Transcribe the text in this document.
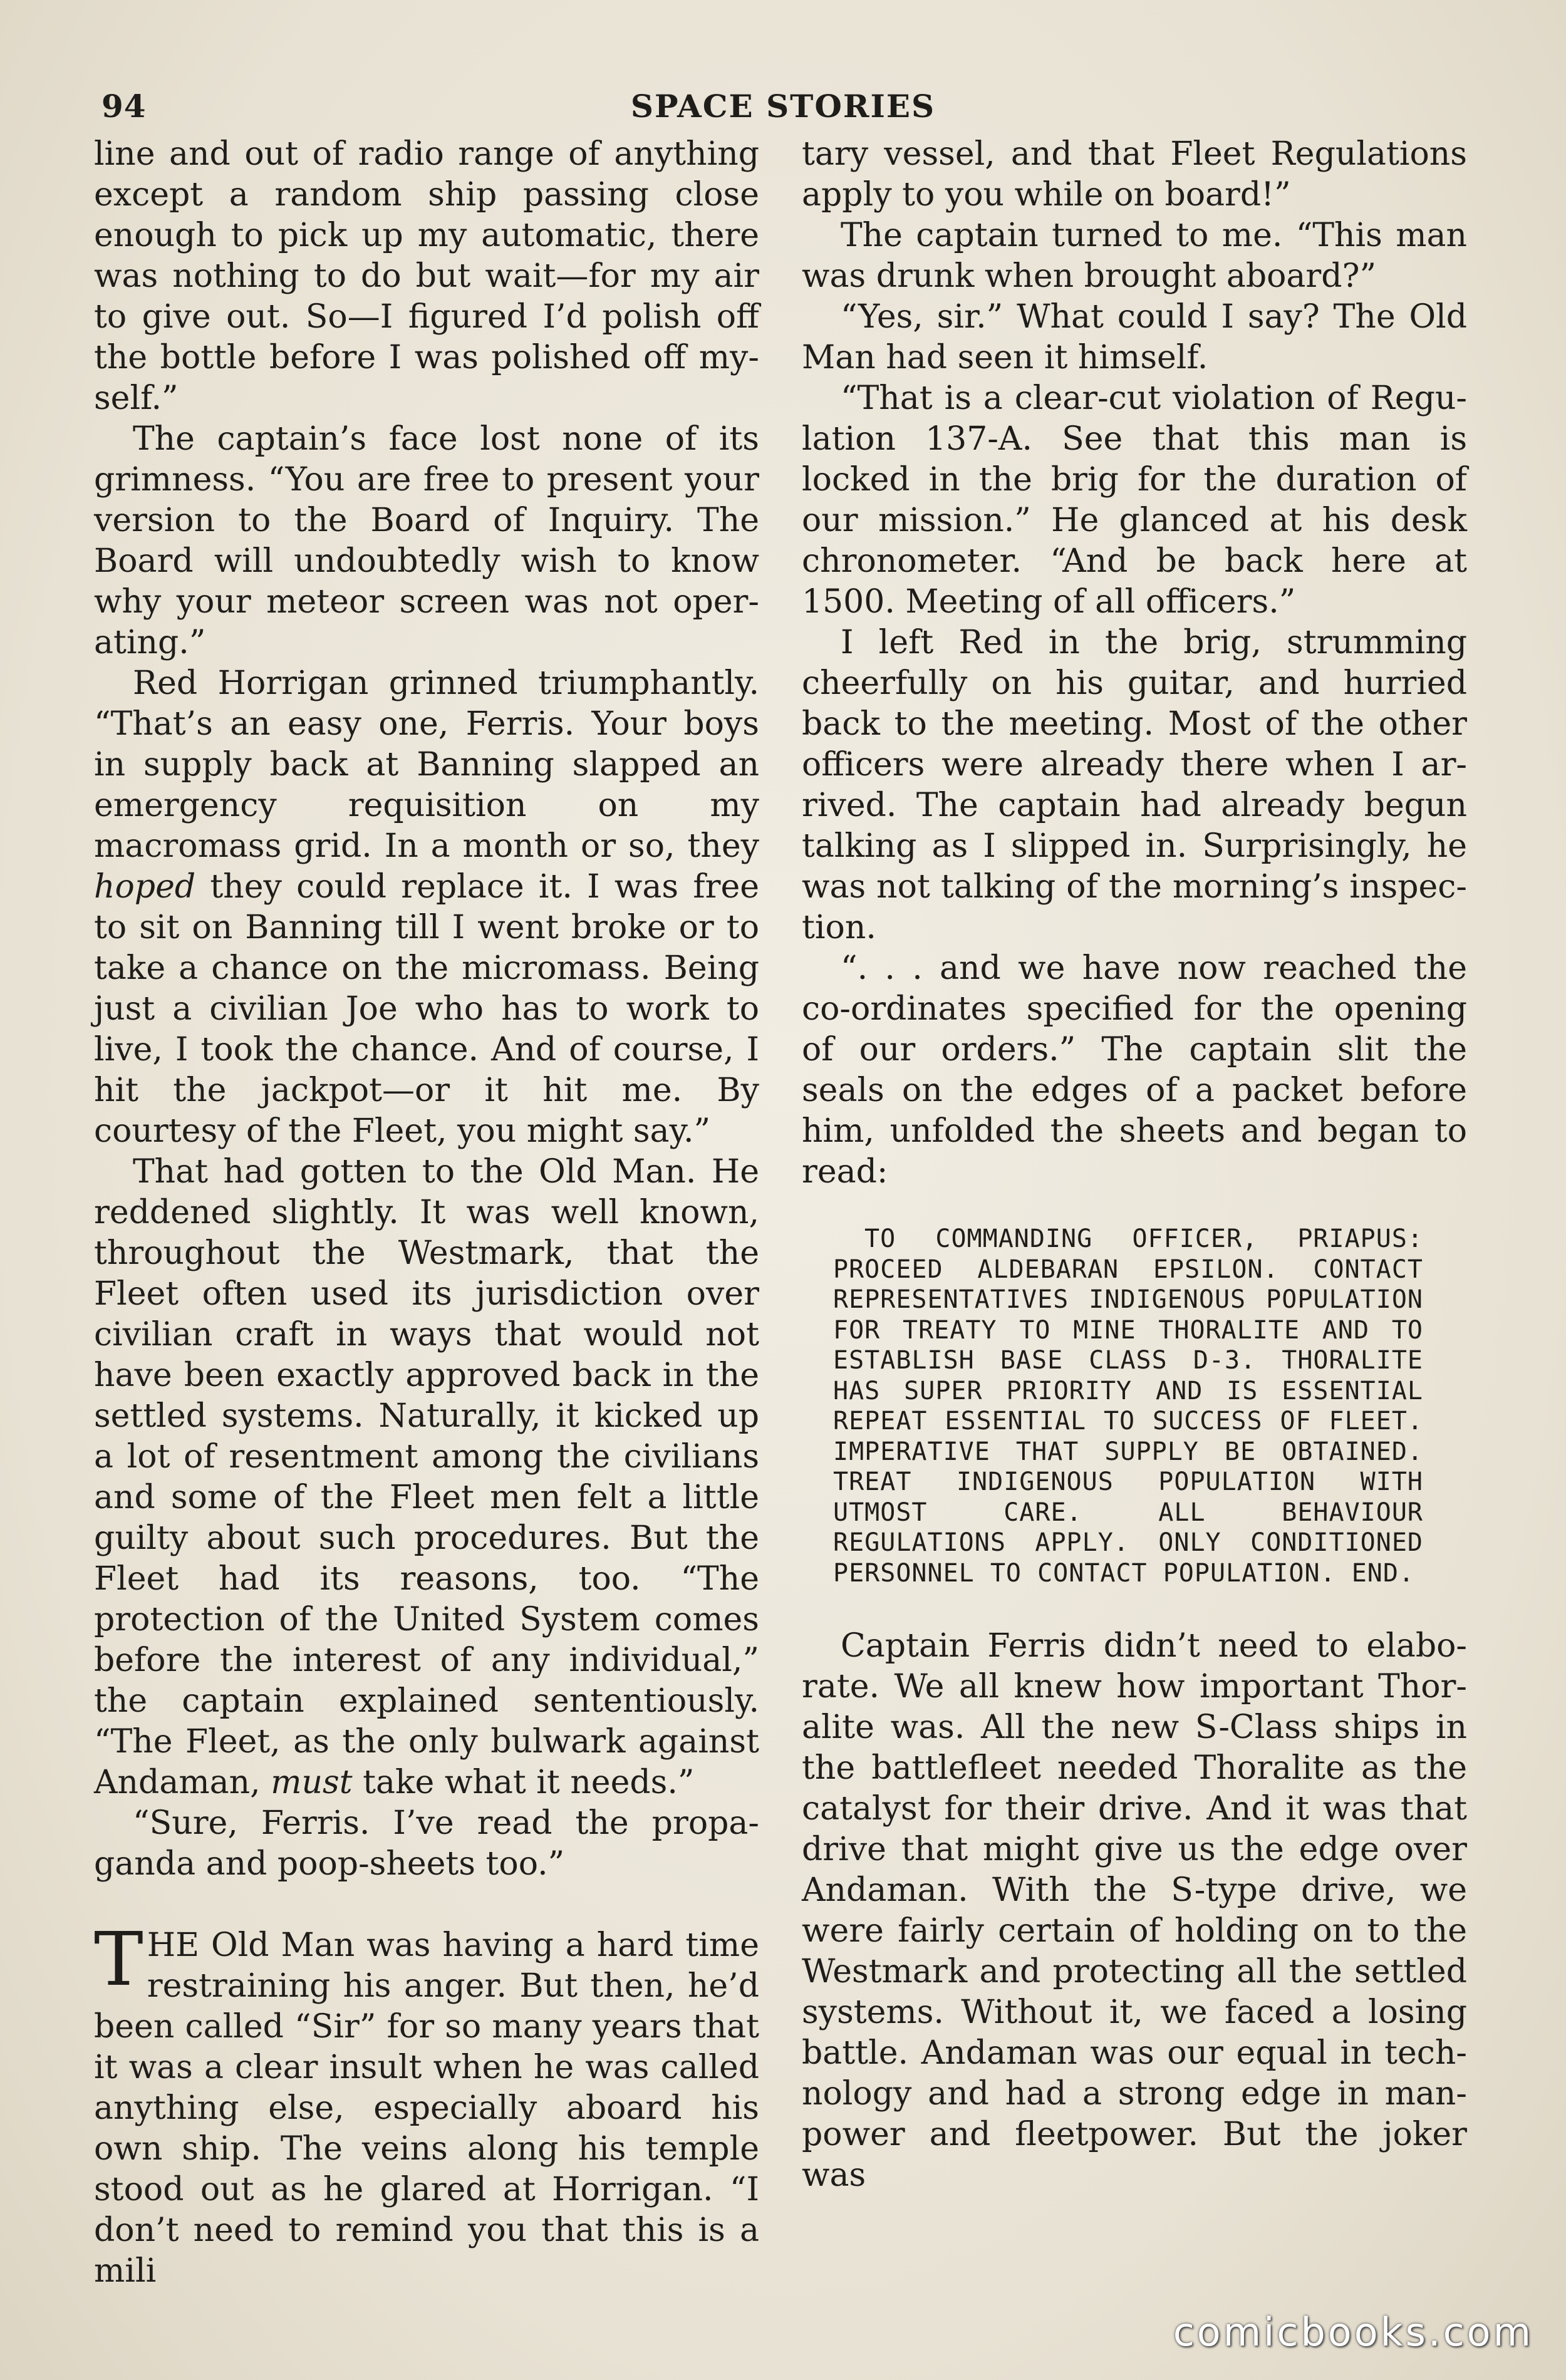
94	SPACE STORIES

line and out of radio range of anything except a random ship passing close enough to pick up my automatic, there was nothing to do but wait—for my air to give out. So—I figured I’d polish off the bottle before I was polished off myself.”

The captain’s face lost none of its grimness. “You are free to present your version to the Board of Inquiry. The Board will undoubtedly wish to know why your meteor screen was not operating.”

Red Horrigan grinned triumphantly. “That’s an easy one, Ferris. Your boys in supply back at Banning slapped an emergency requisition on my macromass grid. In a month or so, they hoped they could replace it. I was free to sit on Banning till I went broke or to take a chance on the micromass. Being just a civilian Joe who has to work to live, I took the chance. And of course, I hit the jackpot—or it hit me. By courtesy of the Fleet, you might say.”

That had gotten to the Old Man. He reddened slightly. It was well known, throughout the Westmark, that the Fleet often used its jurisdiction over civilian craft in ways that would not have been exactly approved back in the settled systems. Naturally, it kicked up a lot of resentment among the civilians and some of the Fleet men felt a little guilty about such procedures. But the Fleet had its reasons, too. “The protection of the United System comes before the interest of any individual,” the captain explained sententiously. “The Fleet, as the only bulwark against Andaman, must take what it needs.”

“Sure, Ferris. I’ve read the propaganda and poop-sheets too.”

THE Old Man was having a hard time restraining his anger. But then, he’d been called “Sir” for so many years that it was a clear insult when he was called anything else, especially aboard his own ship. The veins along his temple stood out as he glared at Horrigan. “I don’t need to remind you that this is a mili

tary vessel, and that Fleet Regulations apply to you while on board!”

The captain turned to me. “This man was drunk when brought aboard?”

“Yes, sir.” What could I say? The Old Man had seen it himself.

“That is a clear-cut violation of Regulation 137-A. See that this man is locked in the brig for the duration of our mission.” He glanced at his desk chronometer. “And be back here at 1500. Meeting of all officers.”

I left Red in the brig, strumming cheerfully on his guitar, and hurried back to the meeting. Most of the other officers were already there when I arrived. The captain had already begun talking as I slipped in. Surprisingly, he was not talking of the morning’s inspection.

“. . . and we have now reached the co-ordinates specified for the opening of our orders.” The captain slit the seals on the edges of a packet before him, unfolded the sheets and began to read:

TO COMMANDING OFFICER, PRIAPUS: PROCEED ALDEBARAN EPSILON. CONTACT REPRESENTATIVES INDIGENOUS POPULATION FOR TREATY TO MINE THORALITE AND TO ESTABLISH BASE CLASS D-3. THORALITE HAS SUPER PRIORITY AND IS ESSENTIAL REPEAT ESSENTIAL TO SUCCESS OF FLEET. IMPERATIVE THAT SUPPLY BE OBTAINED. TREAT INDIGENOUS POPULATION WITH UTMOST CARE. ALL BEHAVIOUR REGULATIONS APPLY. ONLY CONDITIONED PERSONNEL TO CONTACT POPULATION. END.

Captain Ferris didn’t need to elaborate. We all knew how important Thoralite was. All the new S-Class ships in the battlefleet needed Thoralite as the catalyst for their drive. And it was that drive that might give us the edge over Andaman. With the S-type drive, we were fairly certain of holding on to the Westmark and protecting all the settled systems. Without it, we faced a losing battle. Andaman was our equal in technology and had a strong edge in manpower and fleetpower. But the joker was

comicbooks.com
